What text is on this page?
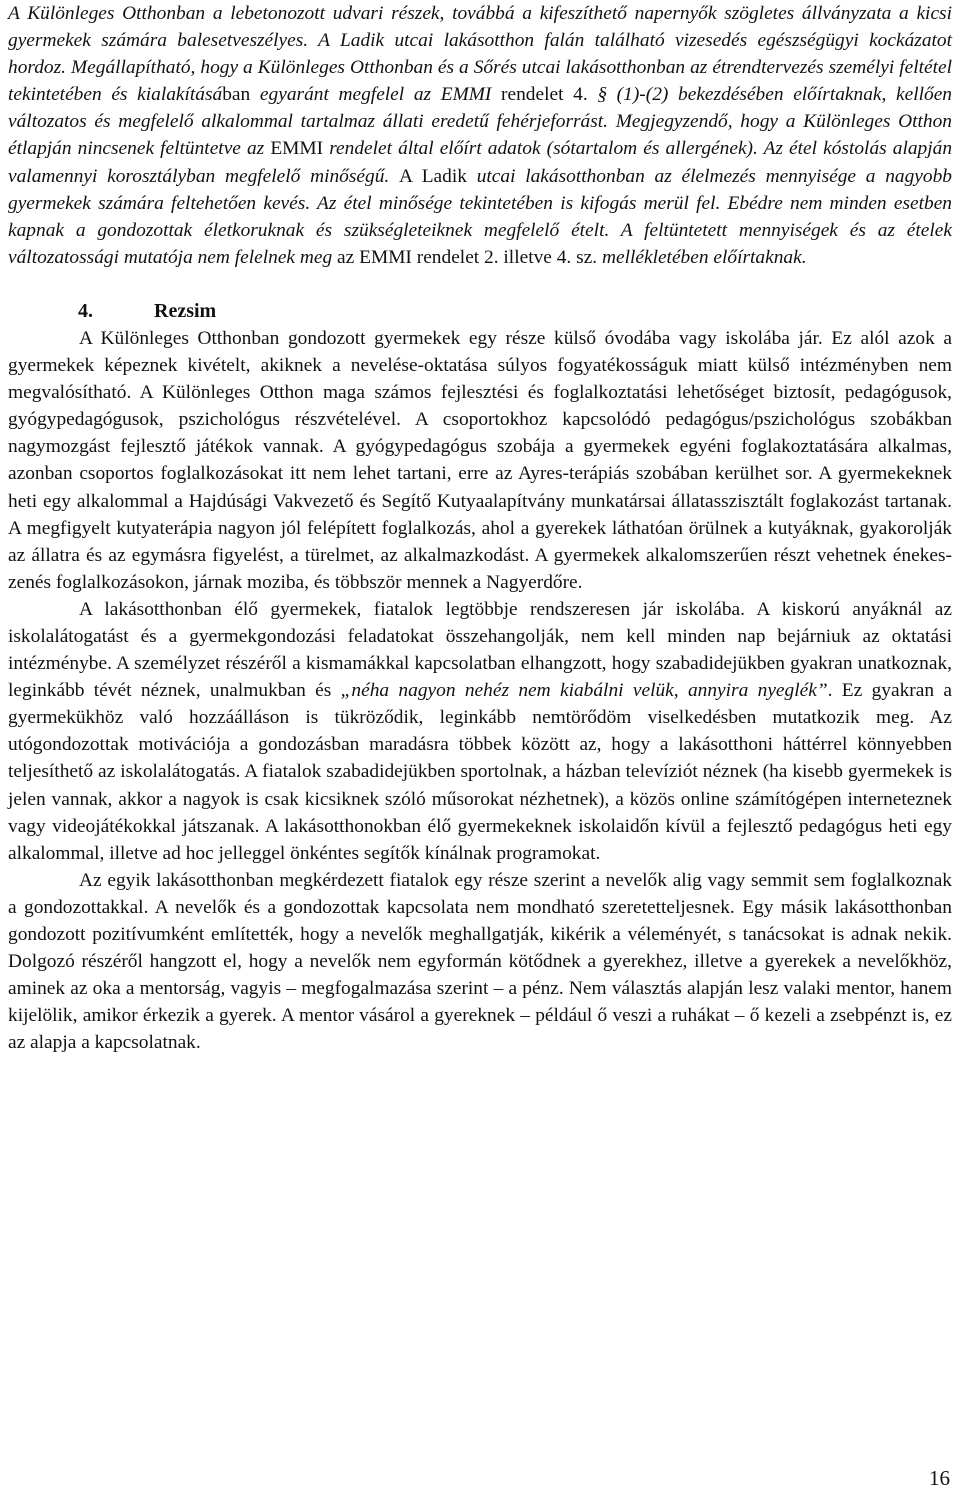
A Különleges Otthonban a lebetonozott udvari részek, továbbá a kifeszíthető napernyők szögletes állványzata a kicsi gyermekek számára balesetveszélyes. A Ladik utcai lakásotthon falán található vizesedés egészségügyi kockázatot hordoz. Megállapítható, hogy a Különleges Otthonban és a Sőrés utcai lakásotthonban az étrendtervezés személyi feltétel tekintetében és kialakításában egyaránt megfelel az EMMI rendelet 4. § (1)-(2) bekezdésében előírtaknak, kellően változatos és megfelelő alkalommal tartalmaz állati eredetű fehérjeforrást. Megjegyzendő, hogy a Különleges Otthon étlapján nincsenek feltüntetve az EMMI rendelet által előírt adatok (sótartalom és allergének). Az étel kóstolás alapján valamennyi korosztályban megfelelő minőségű. A Ladik utcai lakásotthonban az élelmezés mennyisége a nagyobb gyermekek számára feltehetően kevés. Az étel minősége tekintetében is kifogás merül fel. Ebédre nem minden esetben kapnak a gondozottak életkoruknak és szükségleteiknek megfelelő ételt. A feltüntetett mennyiségek és az ételek változatossági mutatója nem felelnek meg az EMMI rendelet 2. illetve 4. sz. mellékletében előírtaknak.

4.	Rezsim

A Különleges Otthonban gondozott gyermekek egy része külső óvodába vagy iskolába jár. Ez alól azok a gyermekek képeznek kivételt, akiknek a nevelése-oktatása súlyos fogyatékosságuk miatt külső intézményben nem megvalósítható. A Különleges Otthon maga számos fejlesztési és foglalkoztatási lehetőséget biztosít, pedagógusok, gyógypedagógusok, pszichológus részvételével. A csoportokhoz kapcsolódó pedagógus/pszichológus szobákban nagymozgást fejlesztő játékok vannak. A gyógypedagógus szobája a gyermekek egyéni foglakoztatására alkalmas, azonban csoportos foglalkozásokat itt nem lehet tartani, erre az Ayres-terápiás szobában kerülhet sor. A gyermekeknek heti egy alkalommal a Hajdúsági Vakvezető és Segítő Kutyaalapítvány munkatársai állatasszisztált foglakozást tartanak. A megfigyelt kutyaterápia nagyon jól felépített foglalkozás, ahol a gyerekek láthatóan örülnek a kutyáknak, gyakorolják az állatra és az egymásra figyelést, a türelmet, az alkalmazkodást. A gyermekek alkalomszerűen részt vehetnek énekes-zenés foglalkozásokon, járnak moziba, és többször mennek a Nagyerdőre.

A lakásotthonban élő gyermekek, fiatalok legtöbbje rendszeresen jár iskolába. A kiskorú anyáknál az iskolalátogatást és a gyermekgondozási feladatokat összehangolják, nem kell minden nap bejárniuk az oktatási intézménybe. A személyzet részéről a kismamákkal kapcsolatban elhangzott, hogy szabadidejükben gyakran unatkoznak, leginkább tévét néznek, unalmukban és „néha nagyon nehéz nem kiabálni velük, annyira nyeglék”. Ez gyakran a gyermekükhöz való hozzáálláson is tükröződik, leginkább nemtörődöm viselkedésben mutatkozik meg. Az utógondozottak motivációja a gondozásban maradásra többek között az, hogy a lakásotthoni háttérrel könnyebben teljesíthető az iskolalátogatás. A fiatalok szabadidejükben sportolnak, a házban televíziót néznek (ha kisebb gyermekek is jelen vannak, akkor a nagyok is csak kicsiknek szóló műsorokat nézhetnek), a közös online számítógépen interneteznek vagy videojátékokkal játszanak. A lakásotthonokban élő gyermekeknek iskolaidőn kívül a fejlesztő pedagógus heti egy alkalommal, illetve ad hoc jelleggel önkéntes segítők kínálnak programokat.

Az egyik lakásotthonban megkérdezett fiatalok egy része szerint a nevelők alig vagy semmit sem foglalkoznak a gondozottakkal. A nevelők és a gondozottak kapcsolata nem mondható szeretetteljesnek. Egy másik lakásotthonban gondozott pozitívumként említették, hogy a nevelők meghallgatják, kikérik a véleményét, s tanácsokat is adnak nekik. Dolgozó részéről hangzott el, hogy a nevelők nem egyformán kötődnek a gyerekhez, illetve a gyerekek a nevelőkhöz, aminek az oka a mentorság, vagyis – megfogalmazása szerint – a pénz. Nem választás alapján lesz valaki mentor, hanem kijelölik, amikor érkezik a gyerek. A mentor vásárol a gyereknek – például ő veszi a ruhákat – ő kezeli a zsebpénzt is, ez az alapja a kapcsolatnak.

16
